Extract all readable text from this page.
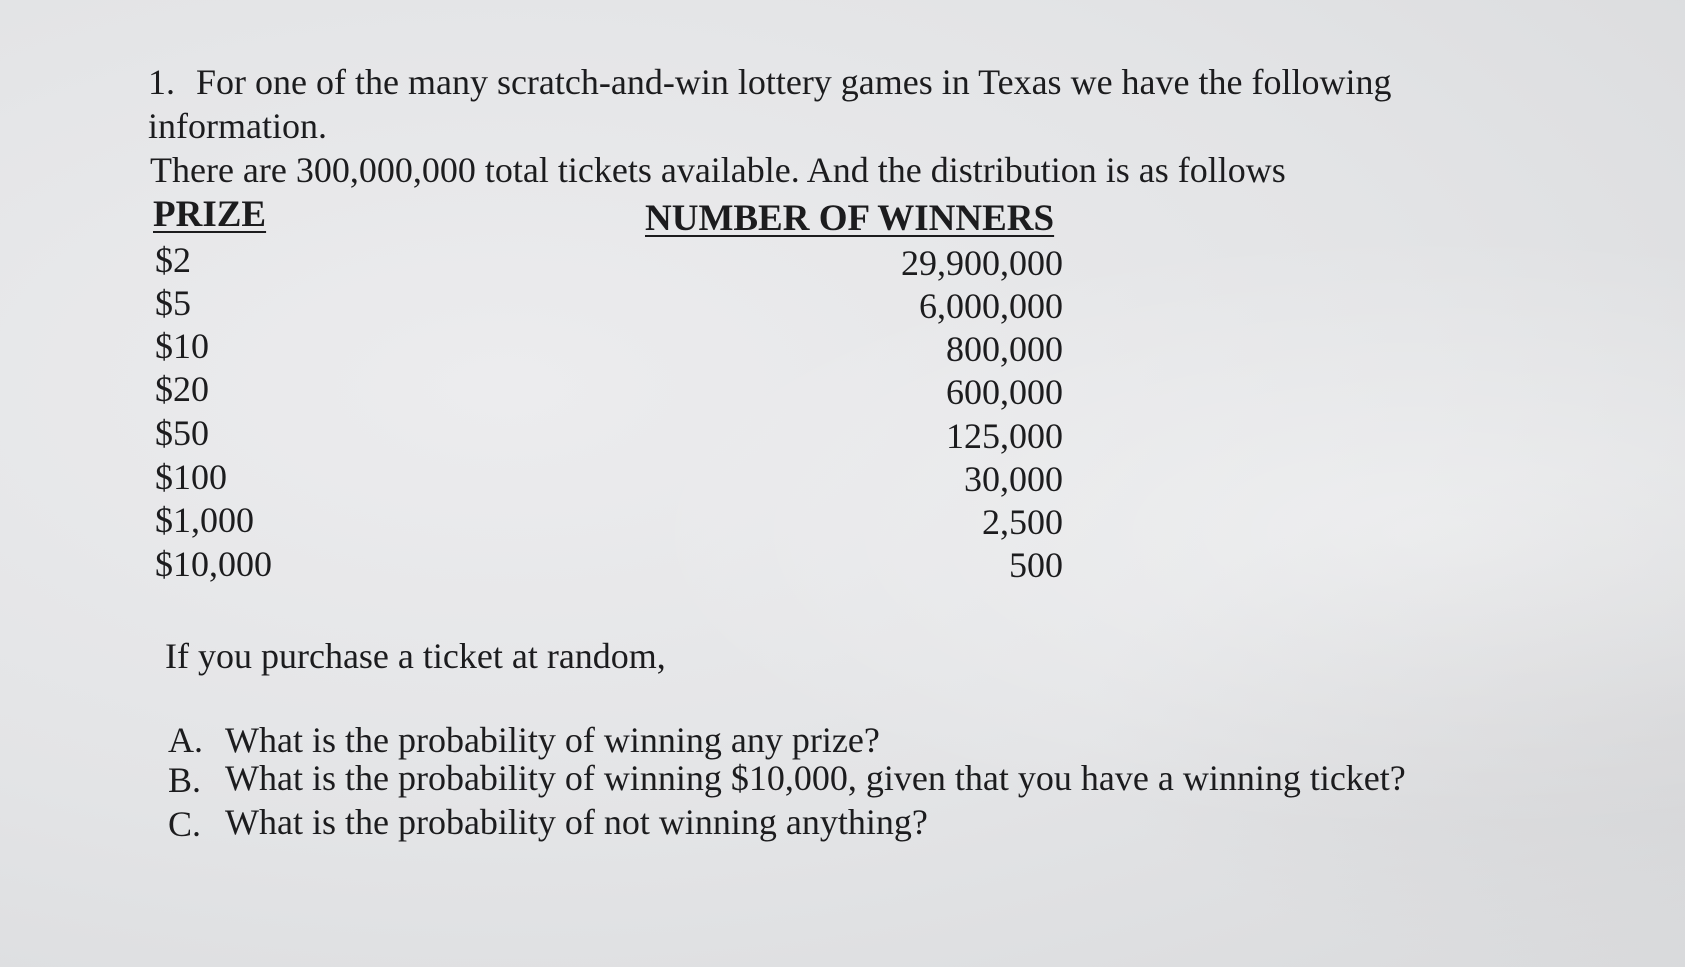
1. For one of the many scratch-and-win lottery games in Texas we have the following
information.
There are 300,000,000 total tickets available. And the distribution is as follows
PRIZE	NUMBER OF WINNERS
$2	29,900,000
$5	6,000,000
$10	800,000
$20	600,000
$50	125,000
$100	30,000
$1,000	2,500
$10,000	500
If you purchase a ticket at random,
A. What is the probability of winning any prize?
B. What is the probability of winning $10,000, given that you have a winning ticket?
C. What is the probability of not winning anything?
